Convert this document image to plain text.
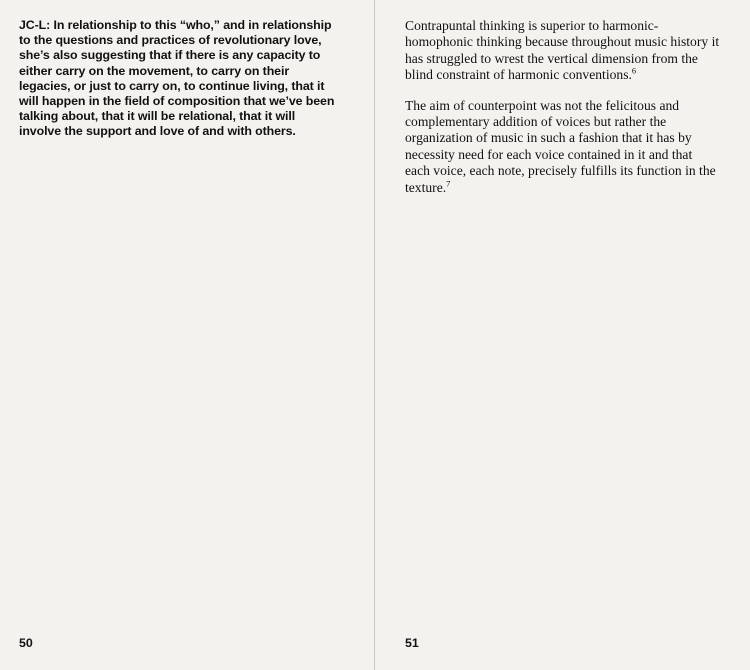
JC-L: In relationship to this “who,” and in relationship to the questions and practices of revolutionary love, she’s also suggesting that if there is any capacity to either carry on the movement, to carry on their legacies, or just to carry on, to continue living, that it will happen in the field of composition that we’ve been talking about, that it will be relational, that it will involve the support and love of and with others.

50

Contrapuntal thinking is superior to harmonic-homophonic thinking because throughout music history it has struggled to wrest the vertical dimension from the blind constraint of harmonic conventions.$^6$

The aim of counterpoint was not the felicitous and complementary addition of voices but rather the organization of music in such a fashion that it has by necessity need for each voice contained in it and that each voice, each note, precisely fulfills its function in the texture.$^7$

51
